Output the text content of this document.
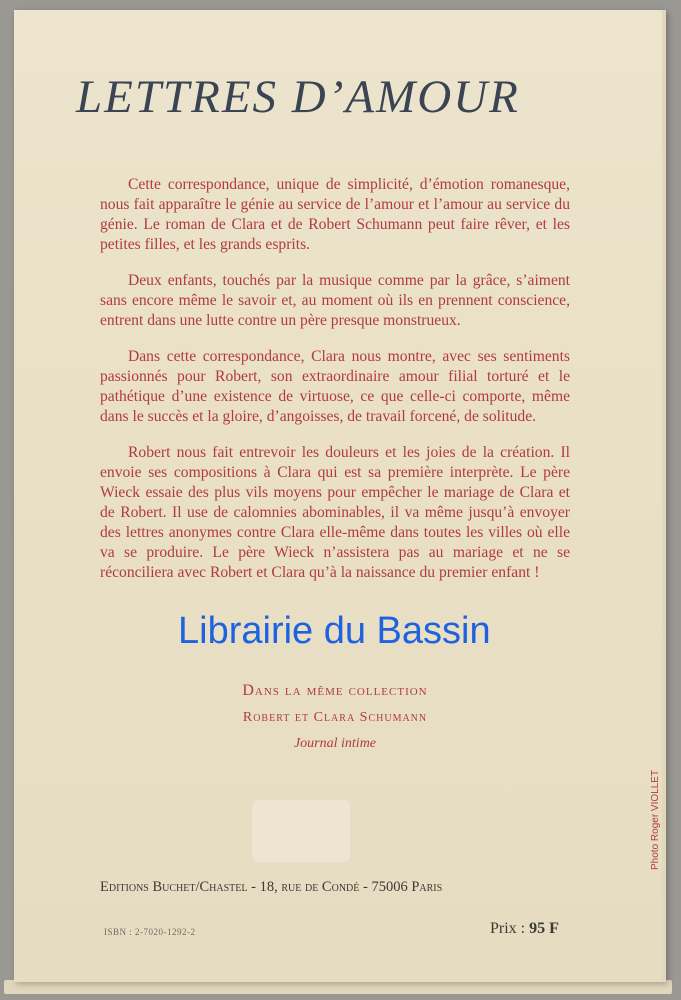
LETTRES D’AMOUR

Cette correspondance, unique de simplicité, d’émotion romanesque, nous fait apparaître le génie au service de l’amour et l’amour au service du génie. Le roman de Clara et de Robert Schumann peut faire rêver, et les petites filles, et les grands esprits.

Deux enfants, touchés par la musique comme par la grâce, s’aiment sans encore même le savoir et, au moment où ils en prennent conscience, entrent dans une lutte contre un père presque monstrueux.

Dans cette correspondance, Clara nous montre, avec ses sentiments passionnés pour Robert, son extraordinaire amour filial torturé et le pathétique d’une existence de virtuose, ce que celle-ci comporte, même dans le succès et la gloire, d’angoisses, de travail forcené, de solitude.

Robert nous fait entrevoir les douleurs et les joies de la création. Il envoie ses compositions à Clara qui est sa première interprète. Le père Wieck essaie des plus vils moyens pour empêcher le mariage de Clara et de Robert. Il use de calomnies abominables, il va même jusqu’à envoyer des lettres anonymes contre Clara elle-même dans toutes les villes où elle va se produire. Le père Wieck n’assistera pas au mariage et ne se réconciliera avec Robert et Clara qu’à la naissance du premier enfant !

Librairie du Bassin
Dans la même collection
Robert et Clara Schumann
Journal intime
Editions Buchet/Chastel - 18, rue de Condé - 75006 Paris
ISBN : 2-7020-1292-2	Prix : 95 F
Photo Roger VIOLLET
